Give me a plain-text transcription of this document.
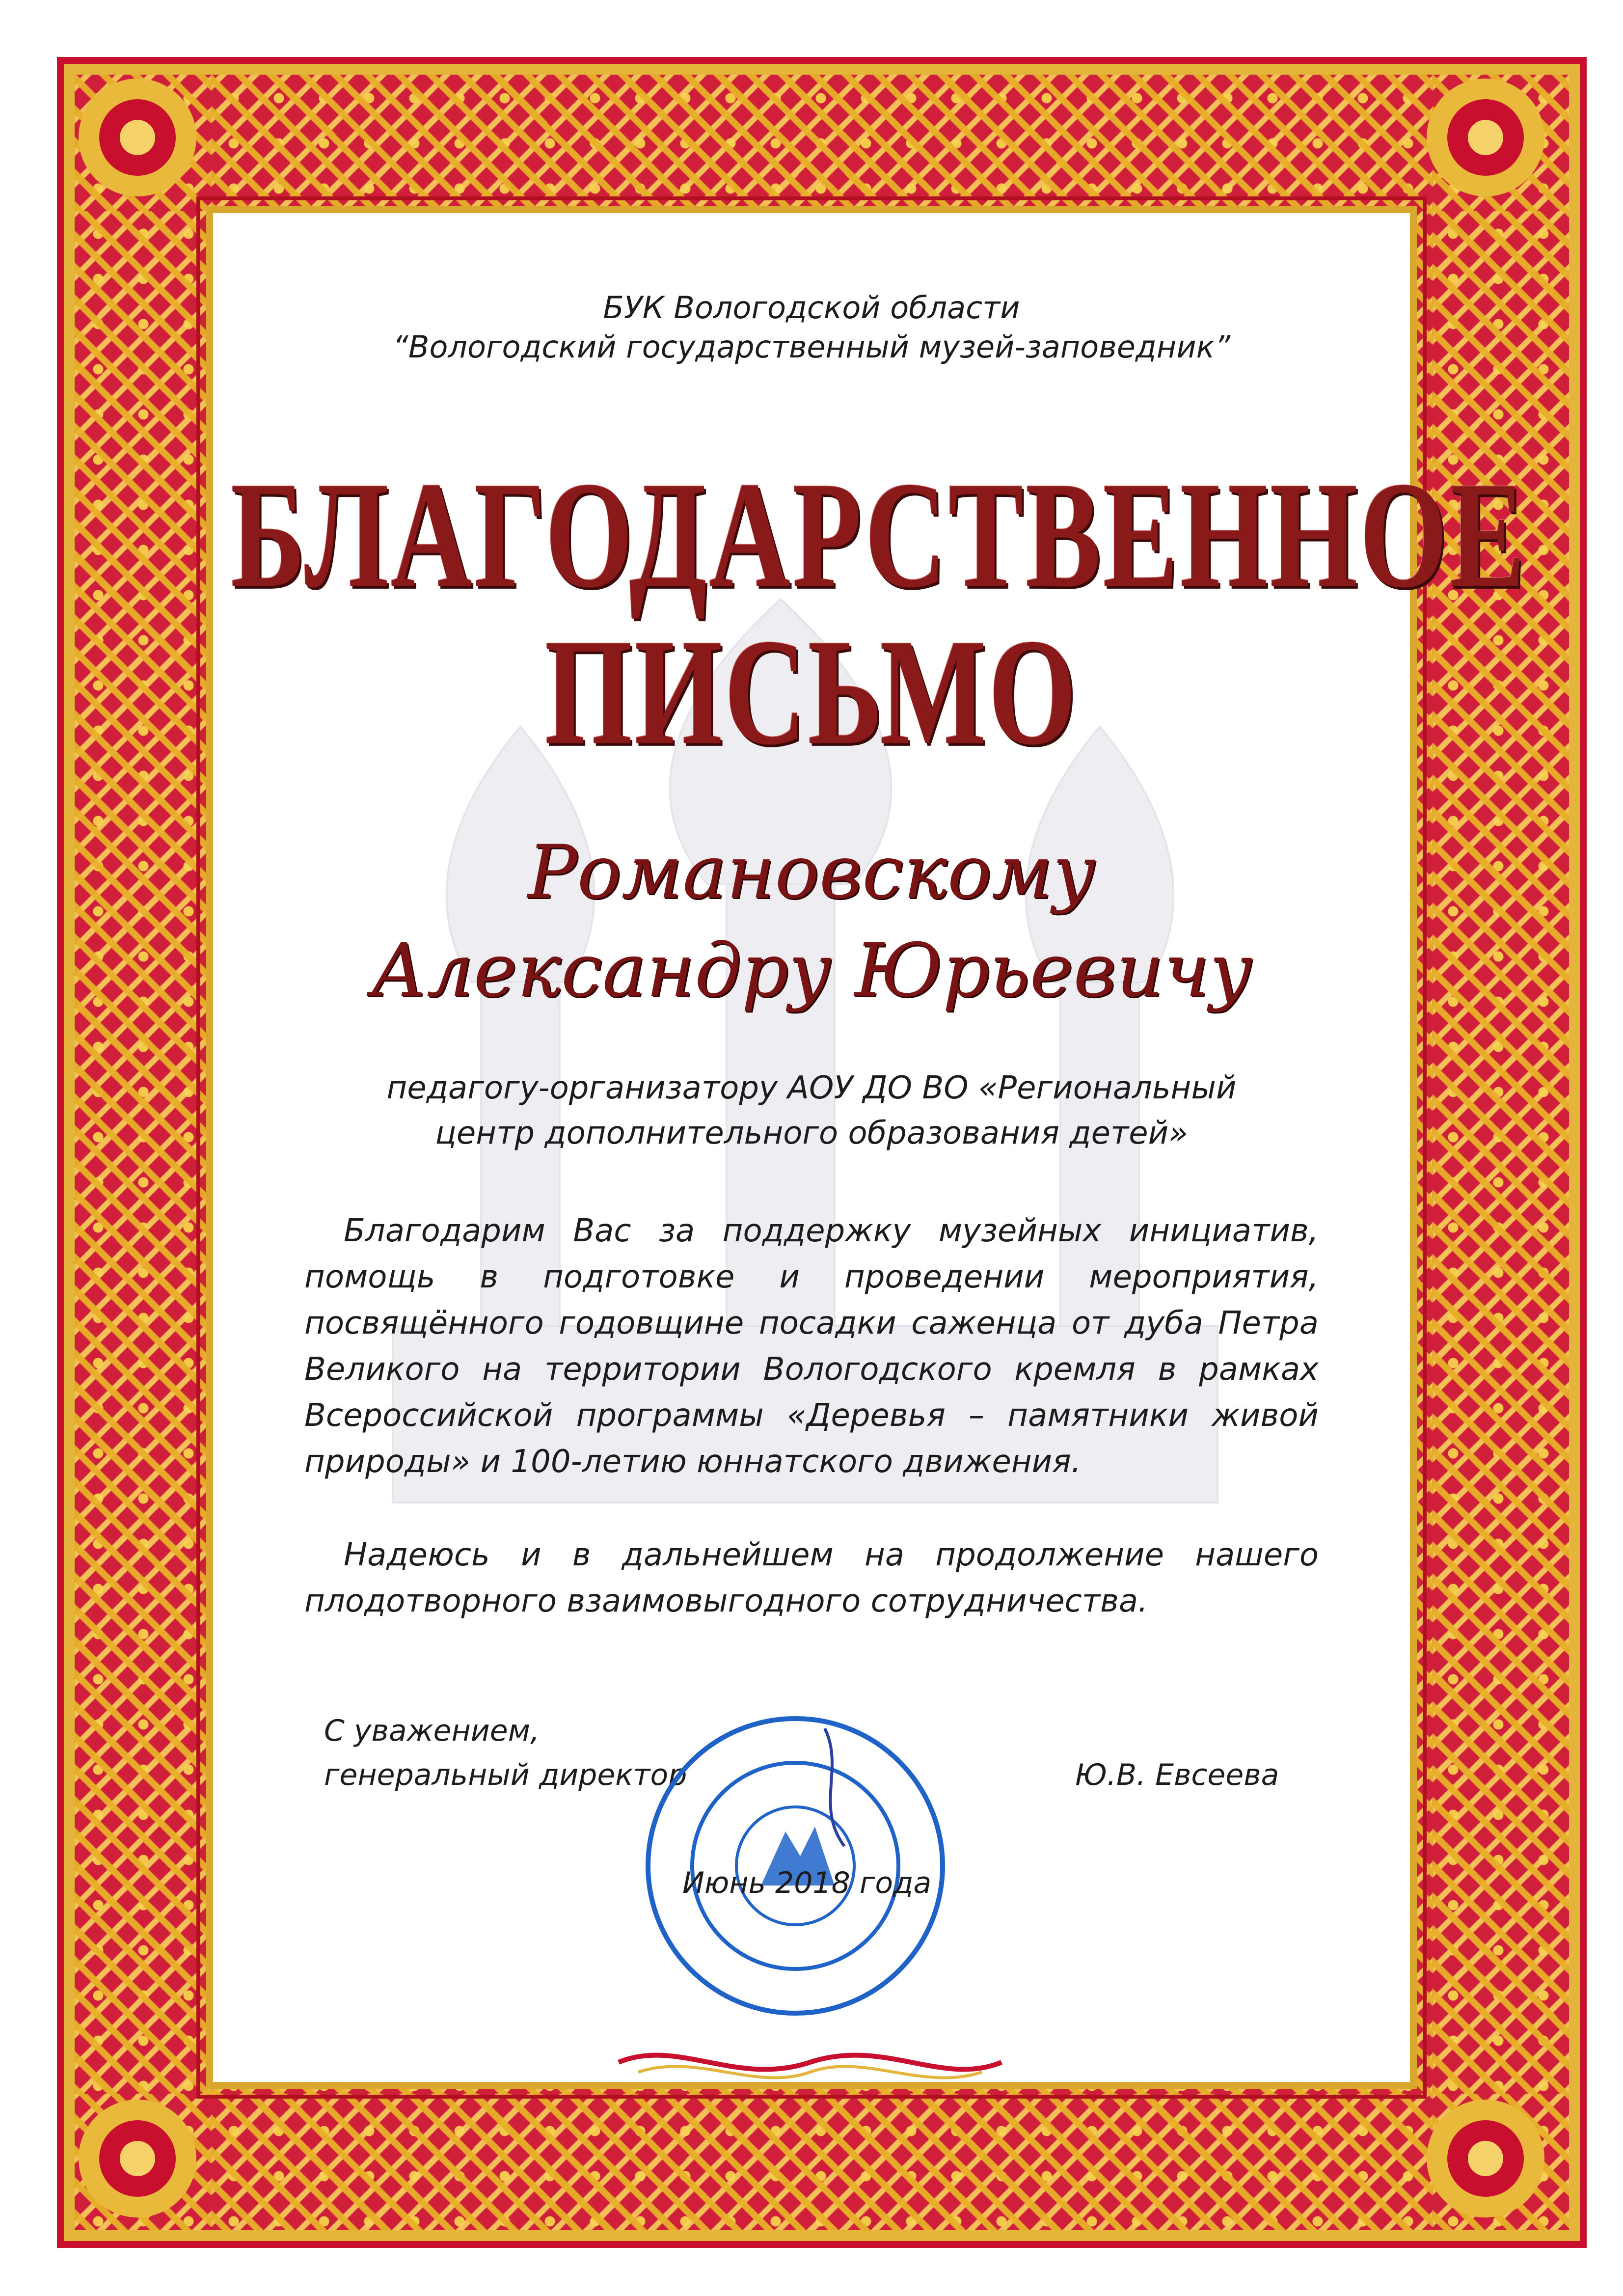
БУК Вологодской области
“Вологодский государственный музей-заповедник”
БЛАГОДАРСТВЕННОЕ
ПИСЬМО
Романовскому
Александру Юрьевичу
педагогу-организатору АОУ ДО ВО «Региональный
центр дополнительного образования детей»
Благодарим Вас за поддержку музейных инициатив, помощь в подготовке и проведении мероприятия, посвящённого годовщине посадки саженца от дуба Петра Великого на территории Вологодского кремля в рамках Всероссийской программы «Деревья – памятники живой природы» и 100-летию юннатского движения.
Надеюсь и в дальнейшем на продолжение нашего плодотворного взаимовыгодного сотрудничества.
С уважением,
генеральный директор	Ю.В. Евсеева
Июнь 2018 года
